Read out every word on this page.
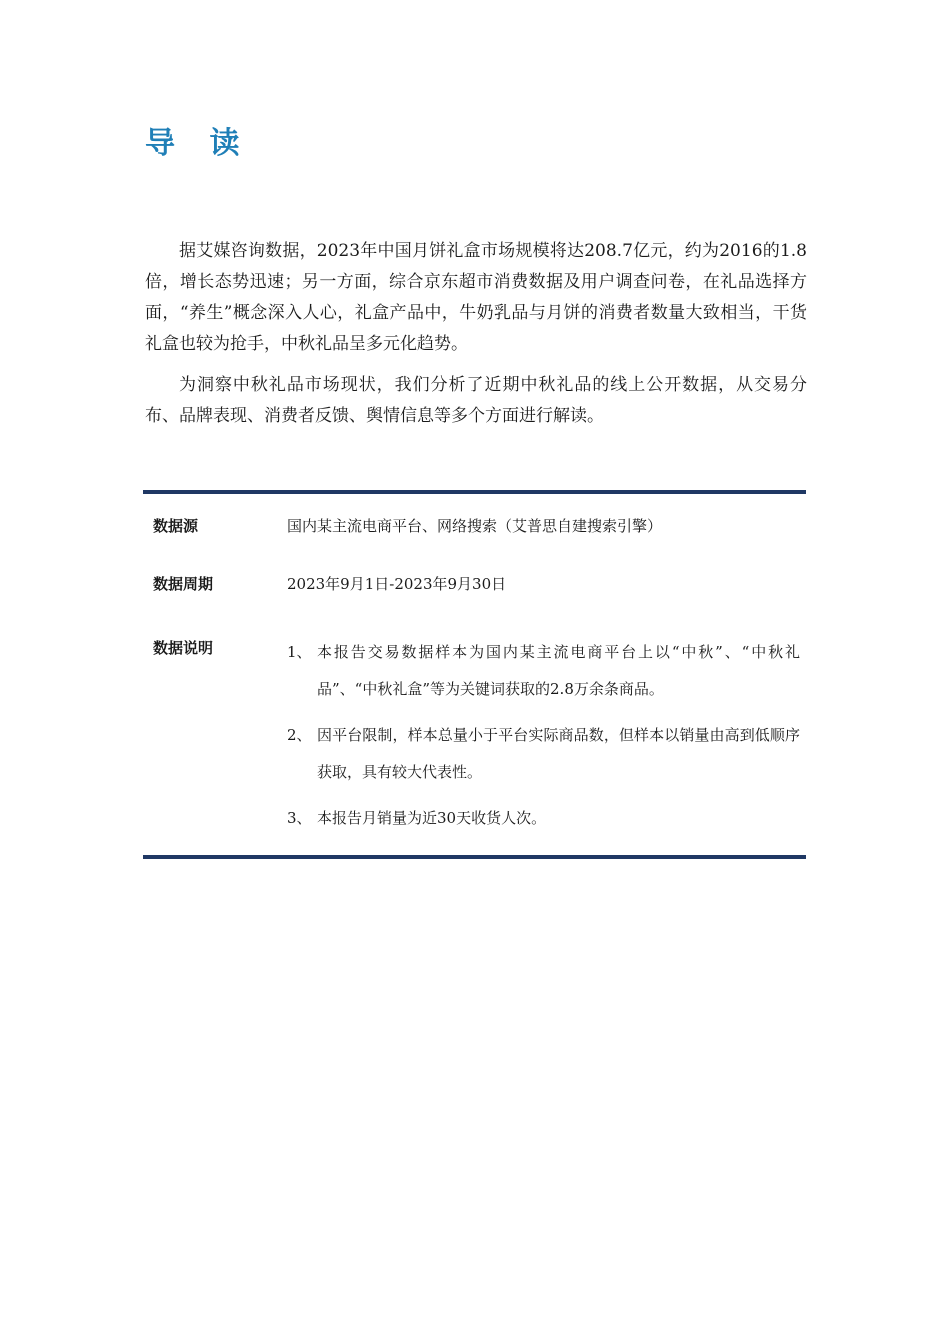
导 读

据艾媒咨询数据，2023年中国月饼礼盒市场规模将达208.7亿元，约为2016的1.8倍，增长态势迅速；另一方面，综合京东超市消费数据及用户调查问卷，在礼品选择方面，“养生”概念深入人心，礼盒产品中，牛奶乳品与月饼的消费者数量大致相当，干货礼盒也较为抢手，中秋礼品呈多元化趋势。

为洞察中秋礼品市场现状，我们分析了近期中秋礼品的线上公开数据，从交易分布、品牌表现、消费者反馈、舆情信息等多个方面进行解读。

数据源	国内某主流电商平台、网络搜索（艾普思自建搜索引擎）
数据周期	2023年9月1日-2023年9月30日
数据说明	1、 本报告交易数据样本为国内某主流电商平台上以“中秋”、“中秋礼品”、“中秋礼盒”等为关键词获取的2.8万余条商品。
2、 因平台限制，样本总量小于平台实际商品数，但样本以销量由高到低顺序获取，具有较大代表性。
3、 本报告月销量为近30天收货人次。
